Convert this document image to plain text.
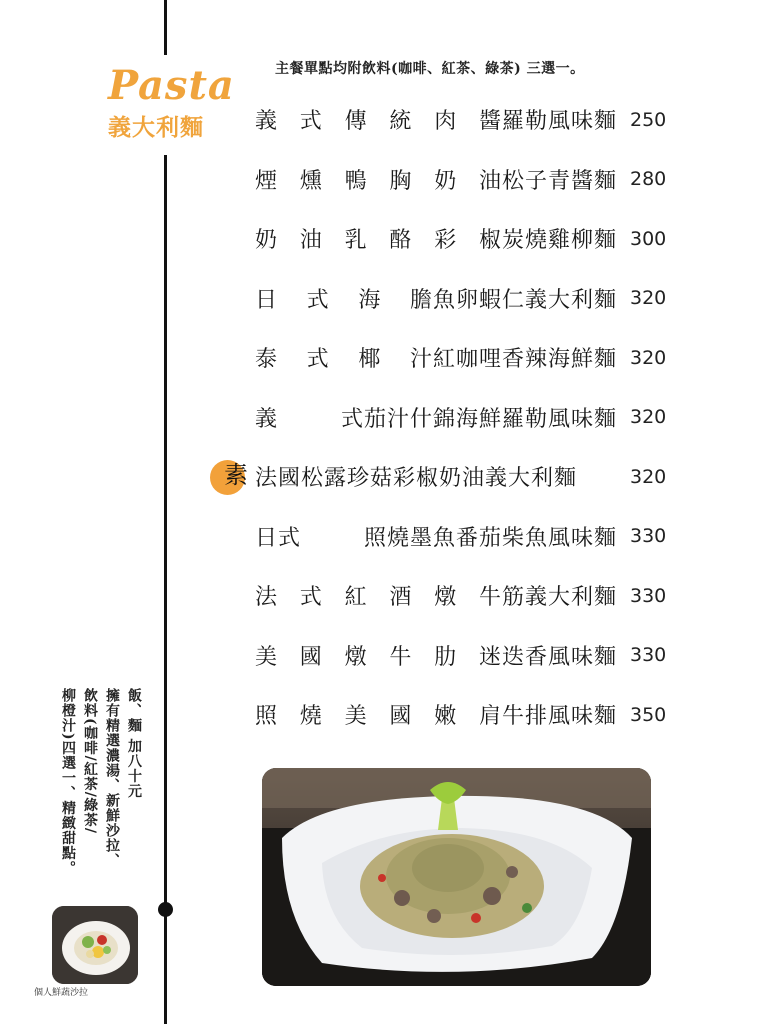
Pasta
義大利麵
主餐單點均附飲料(咖啡、紅茶、綠茶) 三選一。
義 式 傳 統 肉 醬羅勒風味麵 250
煙 燻 鴨 胸 奶 油松子青醬麵 280
奶 油 乳 酪 彩 椒炭燒雞柳麵 300
日 式 海 膽魚卵蝦仁義大利麵 320
泰 式 椰 汁紅咖哩香辣海鮮麵 320
義	式茄汁什錦海鮮羅勒風味麵 320
素 法國松露珍菇彩椒奶油義大利麵	320
日式	照燒墨魚番茄柴魚風味麵 330
法 式 紅 酒 燉 牛筋義大利麵 330
美 國 燉 牛 肋 迷迭香風味麵 330
照 燒 美 國 嫩 肩牛排風味麵 350
飯、麵 加八十元
擁有精選濃湯、新鮮沙拉、
飲料(咖啡/紅茶/綠茶/
柳橙汁)四選一、精緻甜點。
個人鮮蔬沙拉
